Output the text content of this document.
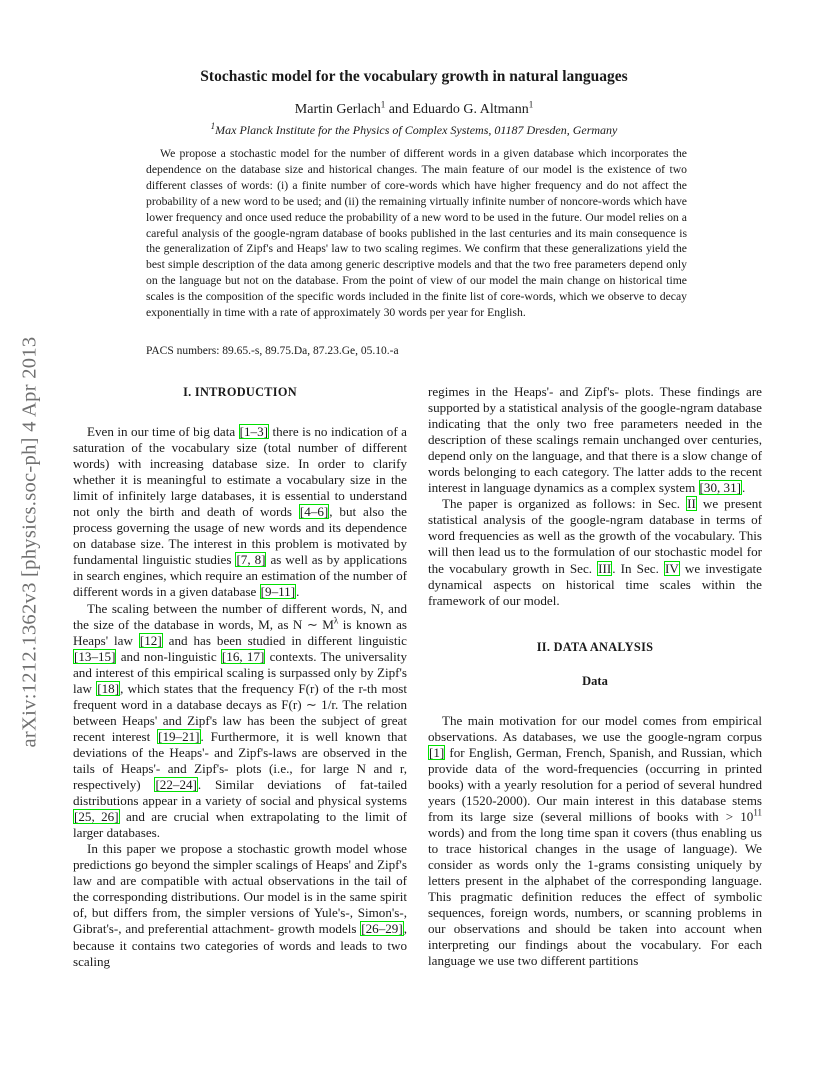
arXiv:1212.1362v3 [physics.soc-ph] 4 Apr 2013
Stochastic model for the vocabulary growth in natural languages
Martin Gerlach$^1$ and Eduardo G. Altmann$^1$
$^1$Max Planck Institute for the Physics of Complex Systems, 01187 Dresden, Germany

We propose a stochastic model for the number of different words in a given database which incorporates the dependence on the database size and historical changes. The main feature of our model is the existence of two different classes of words: (i) a finite number of core-words which have higher frequency and do not affect the probability of a new word to be used; and (ii) the remaining virtually infinite number of noncore-words which have lower frequency and once used reduce the probability of a new word to be used in the future. Our model relies on a careful analysis of the google-ngram database of books published in the last centuries and its main consequence is the generalization of Zipf's and Heaps' law to two scaling regimes. We confirm that these generalizations yield the best simple description of the data among generic descriptive models and that the two free parameters depend only on the language but not on the database. From the point of view of our model the main change on historical time scales is the composition of the specific words included in the finite list of core-words, which we observe to decay exponentially in time with a rate of approximately 30 words per year for English.

PACS numbers: 89.65.-s, 89.75.Da, 87.23.Ge, 05.10.-a

I. INTRODUCTION

Even in our time of big data [1–3] there is no indication of a saturation of the vocabulary size (total number of different words) with increasing database size. In order to clarify whether it is meaningful to estimate a vocabulary size in the limit of infinitely large databases, it is essential to understand not only the birth and death of words [4–6], but also the process governing the usage of new words and its dependence on database size. The interest in this problem is motivated by fundamental linguistic studies [7, 8] as well as by applications in search engines, which require an estimation of the number of different words in a given database [9–11].

The scaling between the number of different words, N, and the size of the database in words, M, as N ∼ $M^\lambda$ is known as Heaps' law [12] and has been studied in different linguistic [13–15] and non-linguistic [16, 17] contexts. The universality and interest of this empirical scaling is surpassed only by Zipf's law [18], which states that the frequency F(r) of the r-th most frequent word in a database decays as F(r) ∼ 1/r. The relation between Heaps' and Zipf's law has been the subject of great recent interest [19–21]. Furthermore, it is well known that deviations of the Heaps'- and Zipf's-laws are observed in the tails of Heaps'- and Zipf's- plots (i.e., for large N and r, respectively) [22–24]. Similar deviations of fat-tailed distributions appear in a variety of social and physical systems [25, 26] and are crucial when extrapolating to the limit of larger databases.

In this paper we propose a stochastic growth model whose predictions go beyond the simpler scalings of Heaps' and Zipf's law and are compatible with actual observations in the tail of the corresponding distributions. Our model is in the same spirit of, but differs from, the simpler versions of Yule's-, Simon's-, Gibrat's-, and preferential attachment- growth models [26–29], because it contains two categories of words and leads to two scaling

regimes in the Heaps'- and Zipf's- plots. These findings are supported by a statistical analysis of the google-ngram database indicating that the only two free parameters needed in the description of these scalings remain unchanged over centuries, depend only on the language, and that there is a slow change of words belonging to each category. The latter adds to the recent interest in language dynamics as a complex system [30, 31].

The paper is organized as follows: in Sec. II we present statistical analysis of the google-ngram database in terms of word frequencies as well as the growth of the vocabulary. This will then lead us to the formulation of our stochastic model for the vocabulary growth in Sec. III. In Sec. IV we investigate dynamical aspects on historical time scales within the framework of our model.

II. DATA ANALYSIS

Data

The main motivation for our model comes from empirical observations. As databases, we use the google-ngram corpus [1] for English, German, French, Spanish, and Russian, which provide data of the word-frequencies (occurring in printed books) with a yearly resolution for a period of several hundred years (1520-2000). Our main interest in this database stems from its large size (several millions of books with > $10^{11}$ words) and from the long time span it covers (thus enabling us to trace historical changes in the usage of language). We consider as words only the 1-grams consisting uniquely by letters present in the alphabet of the corresponding language. This pragmatic definition reduces the effect of symbolic sequences, foreign words, numbers, or scanning problems in our observations and should be taken into account when interpreting our findings about the vocabulary. For each language we use two different partitions
